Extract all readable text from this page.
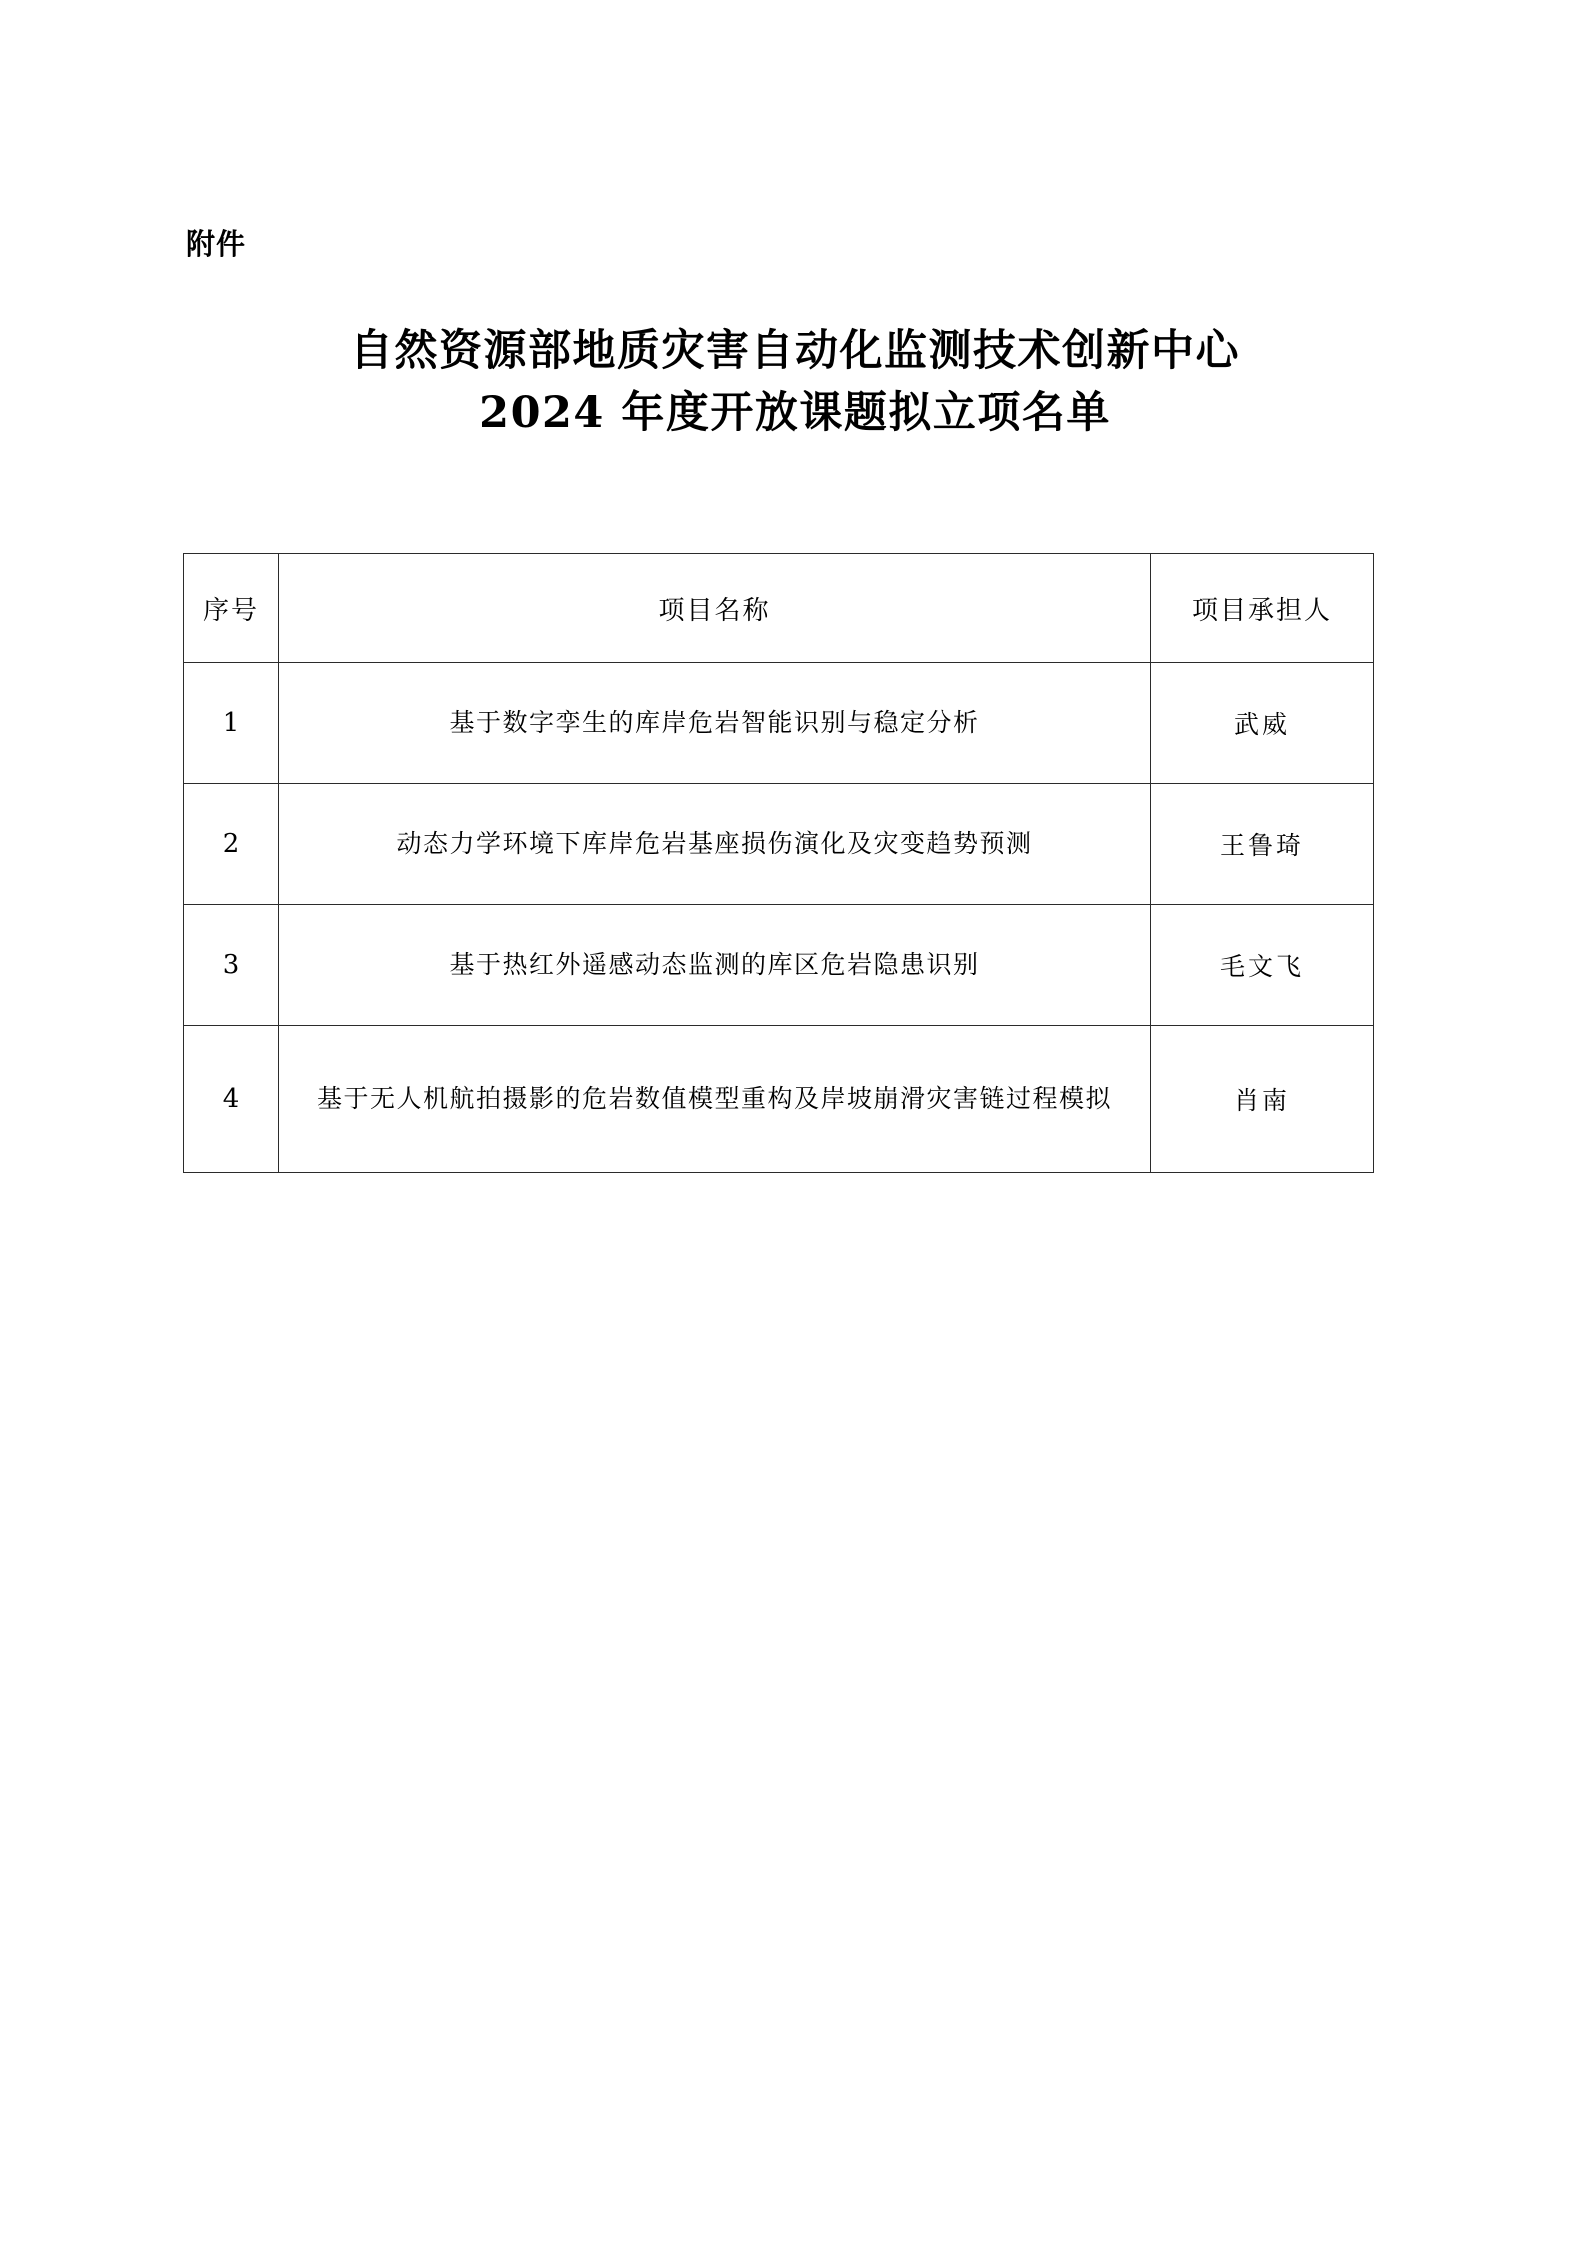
附件
自然资源部地质灾害自动化监测技术创新中心
2024 年度开放课题拟立项名单
序号	项目名称	项目承担人
1	基于数字孪生的库岸危岩智能识别与稳定分析	武威
2	动态力学环境下库岸危岩基座损伤演化及灾变趋势预测	王鲁琦
3	基于热红外遥感动态监测的库区危岩隐患识别	毛文飞
4	基于无人机航拍摄影的危岩数值模型重构及岸坡崩滑灾害链过程模拟	肖南
